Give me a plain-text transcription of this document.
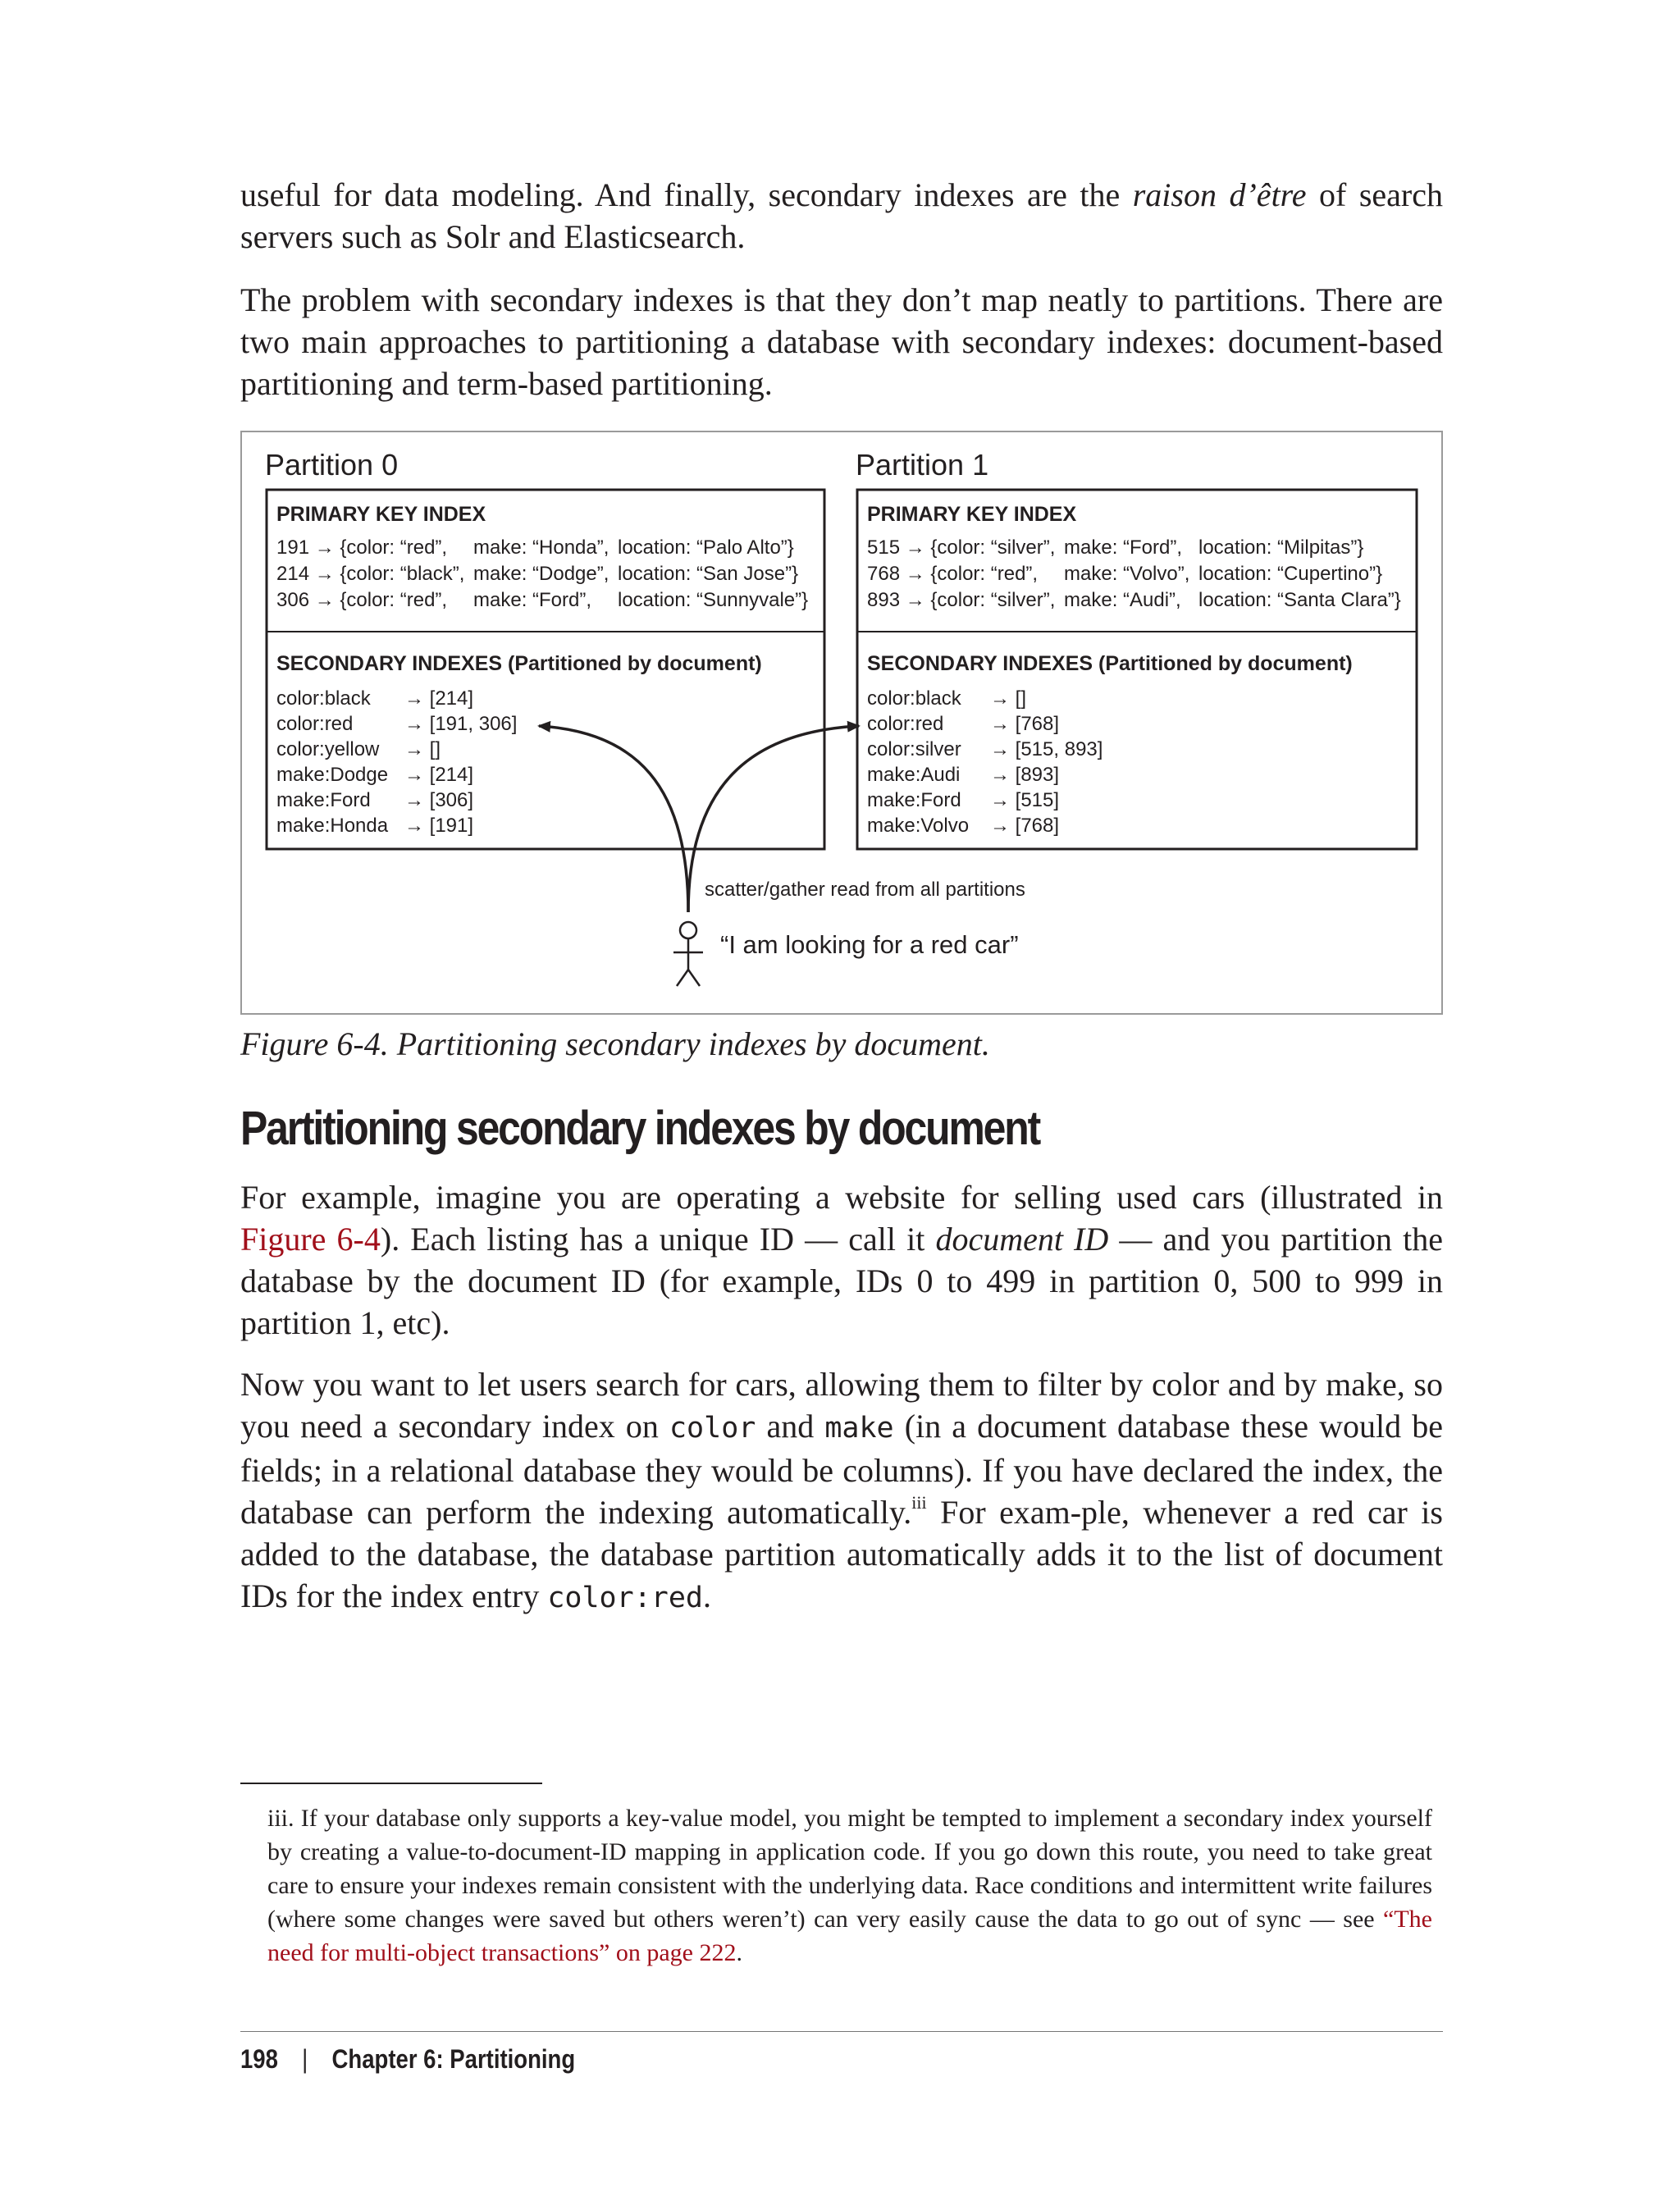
useful for data modeling. And finally, secondary indexes are the raison d’être of search servers such as Solr and Elasticsearch.

The problem with secondary indexes is that they don’t map neatly to partitions. There are two main approaches to partitioning a database with secondary indexes: document-based partitioning and term-based partitioning.

Partition 0
PRIMARY KEY INDEX
191 → {color: “red”, make: “Honda”, location: “Palo Alto”}
214 → {color: “black”, make: “Dodge”, location: “San Jose”}
306 → {color: “red”, make: “Ford”, location: “Sunnyvale”}
SECONDARY INDEXES (Partitioned by document)
color:black → [214]
color:red	→ [191, 306]
color:yellow → []
make:Dodge → [214]
make:Ford → [306]
make:Honda → [191]
Partition 1
PRIMARY KEY INDEX
515 → {color: “silver”, make: “Ford”, location: “Milpitas”}
768 → {color: “red”, make: “Volvo”, location: “Cupertino”}
893 → {color: “silver”, make: “Audi”, location: “Santa Clara”}
SECONDARY INDEXES (Partitioned by document)
color:black → []
color:red → [768]
color:silver → [515, 893]
make:Audi → [893]
make:Ford → [515]
make:Volvo → [768]
scatter/gather read from all partitions
“I am looking for a red car”

Figure 6-4. Partitioning secondary indexes by document.

Partitioning secondary indexes by document

For example, imagine you are operating a website for selling used cars (illustrated in Figure 6-4). Each listing has a unique ID — call it document ID — and you partition the database by the document ID (for example, IDs 0 to 499 in partition 0, 500 to 999 in partition 1, etc).

Now you want to let users search for cars, allowing them to filter by color and by make, so you need a secondary index on color and make (in a document database these would be fields; in a relational database they would be columns). If you have declared the index, the database can perform the indexing automatically.$^{iii}$ For exam‐ple, whenever a red car is added to the database, the database partition automatically adds it to the list of document IDs for the index entry color:red.

iii. If your database only supports a key-value model, you might be tempted to implement a secondary index yourself by creating a value-to-document-ID mapping in application code. If you go down this route, you need to take great care to ensure your indexes remain consistent with the underlying data. Race conditions and intermittent write failures (where some changes were saved but others weren’t) can very easily cause the data to go out of sync — see “The need for multi-object transactions” on page 222.

198 | Chapter 6: Partitioning
